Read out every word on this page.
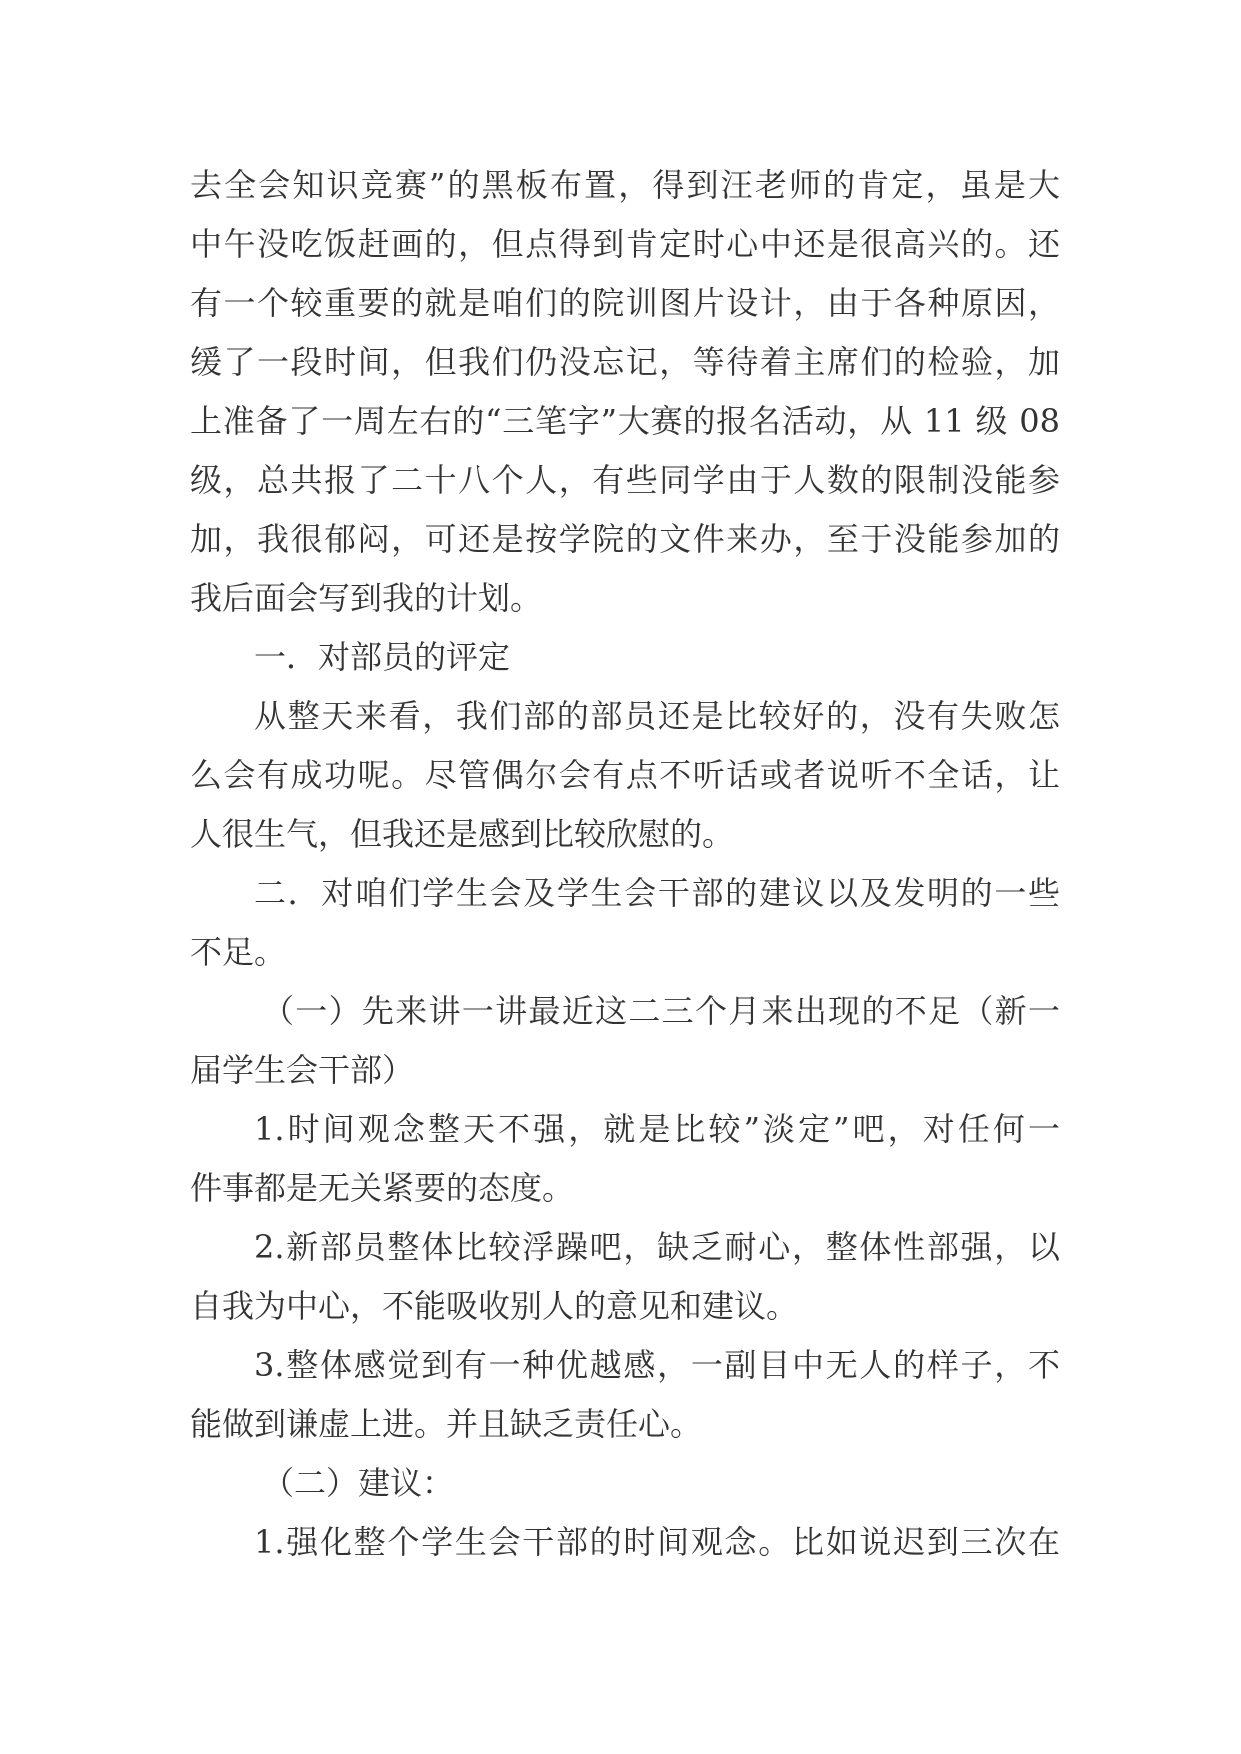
去全会知识竞赛”的黑板布置，得到汪老师的肯定，虽是大
中午没吃饭赶画的，但点得到肯定时心中还是很高兴的。还
有一个较重要的就是咱们的院训图片设计，由于各种原因，
缓了一段时间，但我们仍没忘记，等待着主席们的检验，加
上准备了一周左右的“三笔字”大赛的报名活动，从 11 级 08
级，总共报了二十八个人，有些同学由于人数的限制没能参
加，我很郁闷，可还是按学院的文件来办，至于没能参加的
我后面会写到我的计划。
一．对部员的评定
从整天来看，我们部的部员还是比较好的，没有失败怎
么会有成功呢。尽管偶尔会有点不听话或者说听不全话，让
人很生气，但我还是感到比较欣慰的。
二．对咱们学生会及学生会干部的建议以及发明的一些
不足。
（一）先来讲一讲最近这二三个月来出现的不足（新一
届学生会干部）
1.时间观念整天不强，就是比较”淡定”吧，对任何一
件事都是无关紧要的态度。
2.新部员整体比较浮躁吧，缺乏耐心，整体性部强，以
自我为中心，不能吸收别人的意见和建议。
3.整体感觉到有一种优越感，一副目中无人的样子，不
能做到谦虚上进。并且缺乏责任心。
（二）建议：
1.强化整个学生会干部的时间观念。比如说迟到三次在
